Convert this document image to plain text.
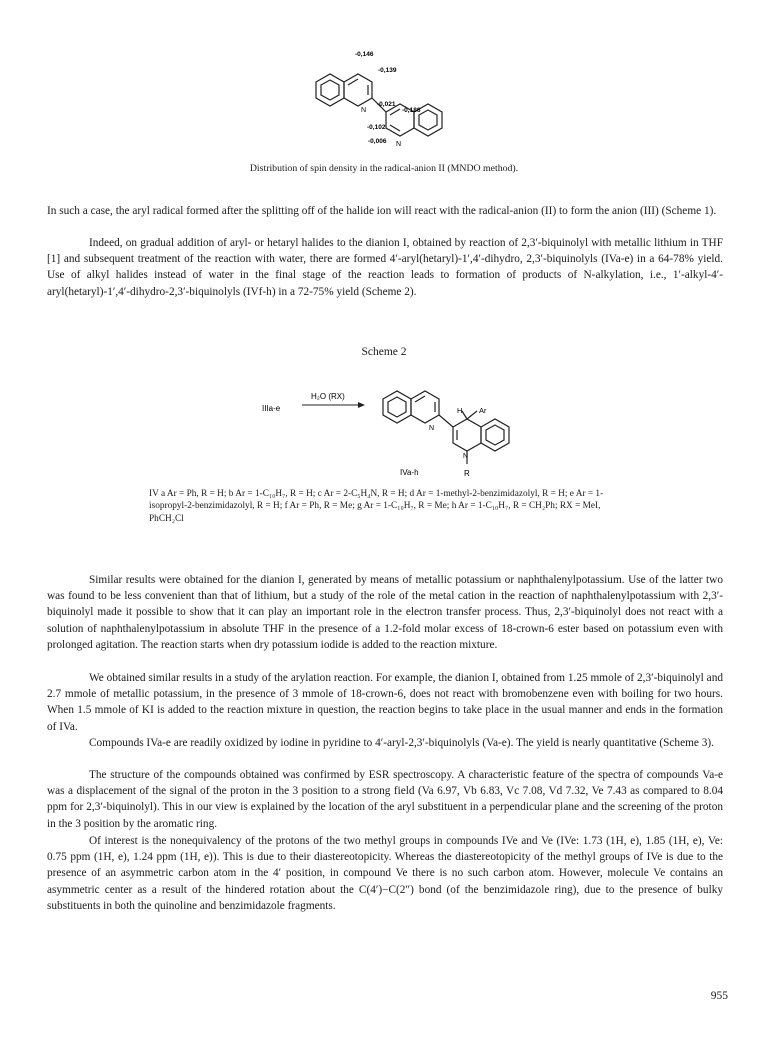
-0,146
-0,139
-0,021
-0,186
-0,102
-0,006
N
N
Distribution of spin density in the radical-anion II (MNDO method).

In such a case, the aryl radical formed after the splitting off of the halide ion will react with the radical-anion (II) to form the anion (III) (Scheme 1).

Indeed, on gradual addition of aryl- or hetaryl halides to the dianion I, obtained by reaction of 2,3′-biquinolyl with metallic lithium in THF [1] and subsequent treatment of the reaction with water, there are formed 4′-aryl(hetaryl)-1′,4′-dihydro, 2,3′-biquinolyls (IVa-e) in a 64-78% yield. Use of alkyl halides instead of water in the final stage of the reaction leads to formation of products of N-alkylation, i.e., 1′-alkyl-4′-aryl(hetaryl)-1′,4′-dihydro-2,3′-biquinolyls (IVf-h) in a 72-75% yield (Scheme 2).

Scheme 2
IIIa-e
H₂O (RX)
H Ar
N
N
R
IVa-h

IV a Ar = Ph, R = H; b Ar = 1-C₁₀H₇, R = H; c Ar = 2-C₅H₄N, R = H; d Ar = 1-methyl-2-benzimidazolyl, R = H; e Ar = 1-isopropyl-2-benzimidazolyl, R = H; f Ar = Ph, R = Me; g Ar = 1-C₁₀H₇, R = Me; h Ar = 1-C₁₀H₇, R = CH₂Ph; RX = MeI, PhCH₂Cl

Similar results were obtained for the dianion I, generated by means of metallic potassium or naphthalenylpotassium. Use of the latter two was found to be less convenient than that of lithium, but a study of the role of the metal cation in the reaction of naphthalenylpotassium with 2,3′-biquinolyl made it possible to show that it can play an important role in the electron transfer process. Thus, 2,3′-biquinolyl does not react with a solution of naphthalenylpotassium in absolute THF in the presence of a 1.2-fold molar excess of 18-crown-6 ester based on potassium even with prolonged agitation. The reaction starts when dry potassium iodide is added to the reaction mixture.

We obtained similar results in a study of the arylation reaction. For example, the dianion I, obtained from 1.25 mmole of 2,3′-biquinolyl and 2.7 mmole of metallic potassium, in the presence of 3 mmole of 18-crown-6, does not react with bromobenzene even with boiling for two hours. When 1.5 mmole of KI is added to the reaction mixture in question, the reaction begins to take place in the usual manner and ends in the formation of IVa.

Compounds IVa-e are readily oxidized by iodine in pyridine to 4′-aryl-2,3′-biquinolyls (Va-e). The yield is nearly quantitative (Scheme 3).

The structure of the compounds obtained was confirmed by ESR spectroscopy. A characteristic feature of the spectra of compounds Va-e was a displacement of the signal of the proton in the 3 position to a strong field (Va 6.97, Vb 6.83, Vc 7.08, Vd 7.32, Ve 7.43 as compared to 8.04 ppm for 2,3′-biquinolyl). This in our view is explained by the location of the aryl substituent in a perpendicular plane and the screening of the proton in the 3 position by the aromatic ring.

Of interest is the nonequivalency of the protons of the two methyl groups in compounds IVe and Ve (IVe: 1.73 (1H, e), 1.85 (1H, e), Ve: 0.75 ppm (1H, e), 1.24 ppm (1H, e)). This is due to their diastereotopicity. Whereas the diastereotopicity of the methyl groups of IVe is due to the presence of an asymmetric carbon atom in the 4′ position, in compound Ve there is no such carbon atom. However, molecule Ve contains an asymmetric center as a result of the hindered rotation about the C(4′)−C(2″) bond (of the benzimidazole ring), due to the presence of bulky substituents in both the quinoline and benzimidazole fragments.

955
